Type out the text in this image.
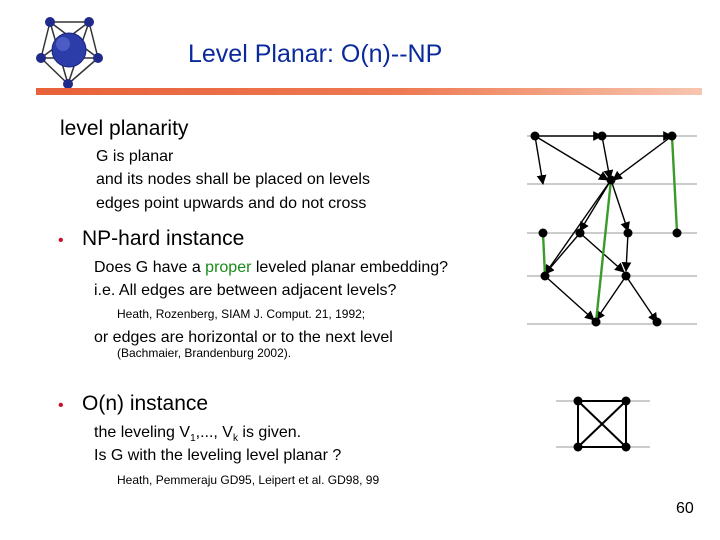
Level Planar: O(n)--NP
level planarity
G is planar
and its nodes shall be placed on levels
edges point upwards and do not cross
• NP-hard instance
Does G have a proper leveled planar embedding?
i.e. All edges are between adjacent levels?
Heath, Rozenberg, SIAM J. Comput. 21, 1992;
or edges are horizontal or to the next level
(Bachmaier, Brandenburg 2002).
• O(n) instance
the leveling $V_1$,..., $V_k$ is given.
Is G with the leveling level planar ?
Heath, Pemmeraju GD95, Leipert et al. GD98, 99
60
